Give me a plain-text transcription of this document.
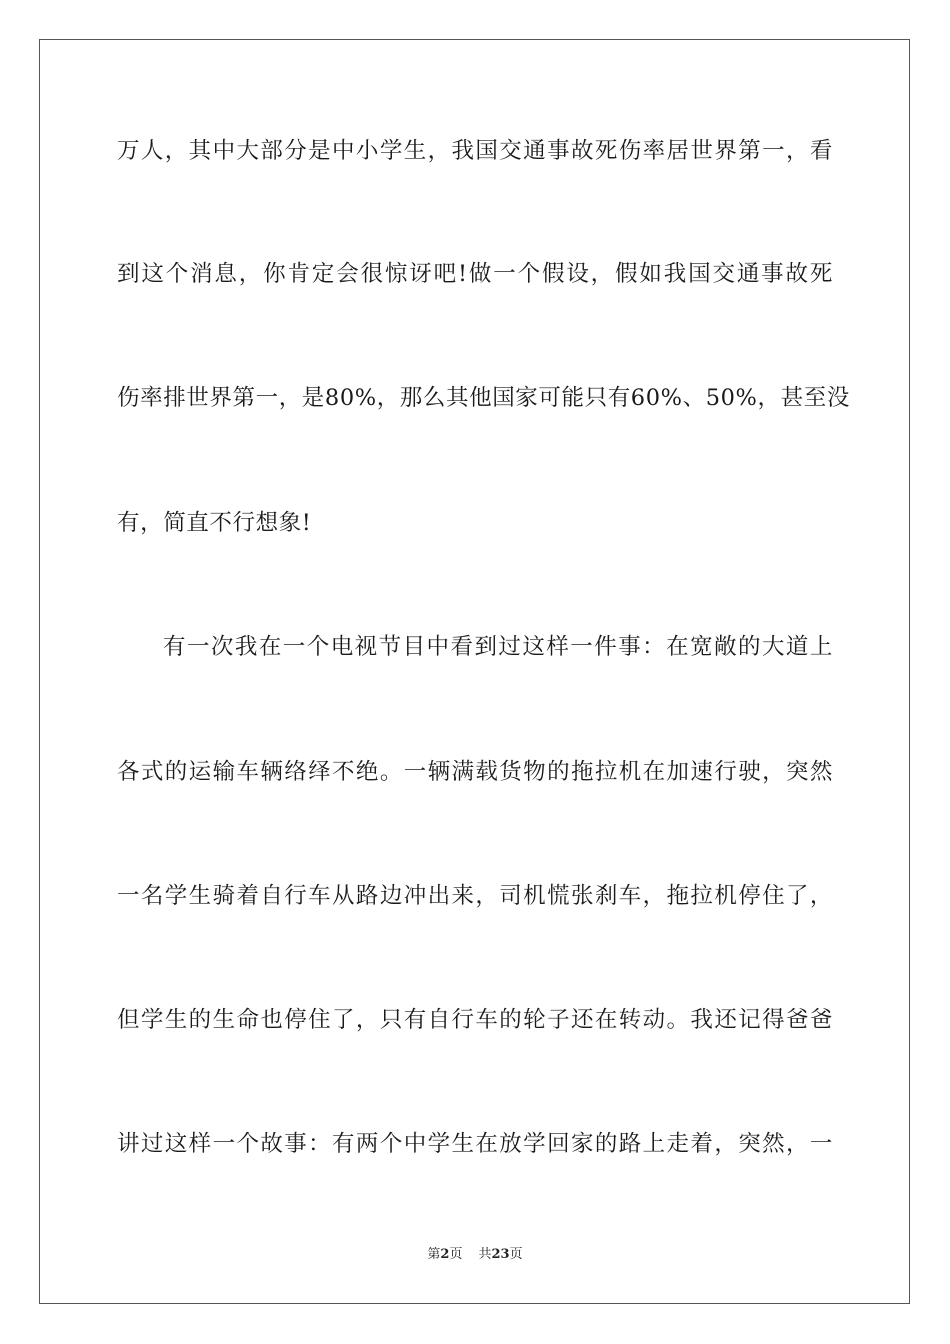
万人，其中大部分是中小学生，我国交通事故死伤率居世界第一，看
到这个消息，你肯定会很惊讶吧!做一个假设，假如我国交通事故死
伤率排世界第一，是80%，那么其他国家可能只有60%、50%，甚至没
有，简直不行想象!
有一次我在一个电视节目中看到过这样一件事：在宽敞的大道上
各式的运输车辆络绎不绝。一辆满载货物的拖拉机在加速行驶，突然
一名学生骑着自行车从路边冲出来，司机慌张刹车，拖拉机停住了，
但学生的生命也停住了，只有自行车的轮子还在转动。我还记得爸爸
讲过这样一个故事：有两个中学生在放学回家的路上走着，突然，一
第2页 共23页
